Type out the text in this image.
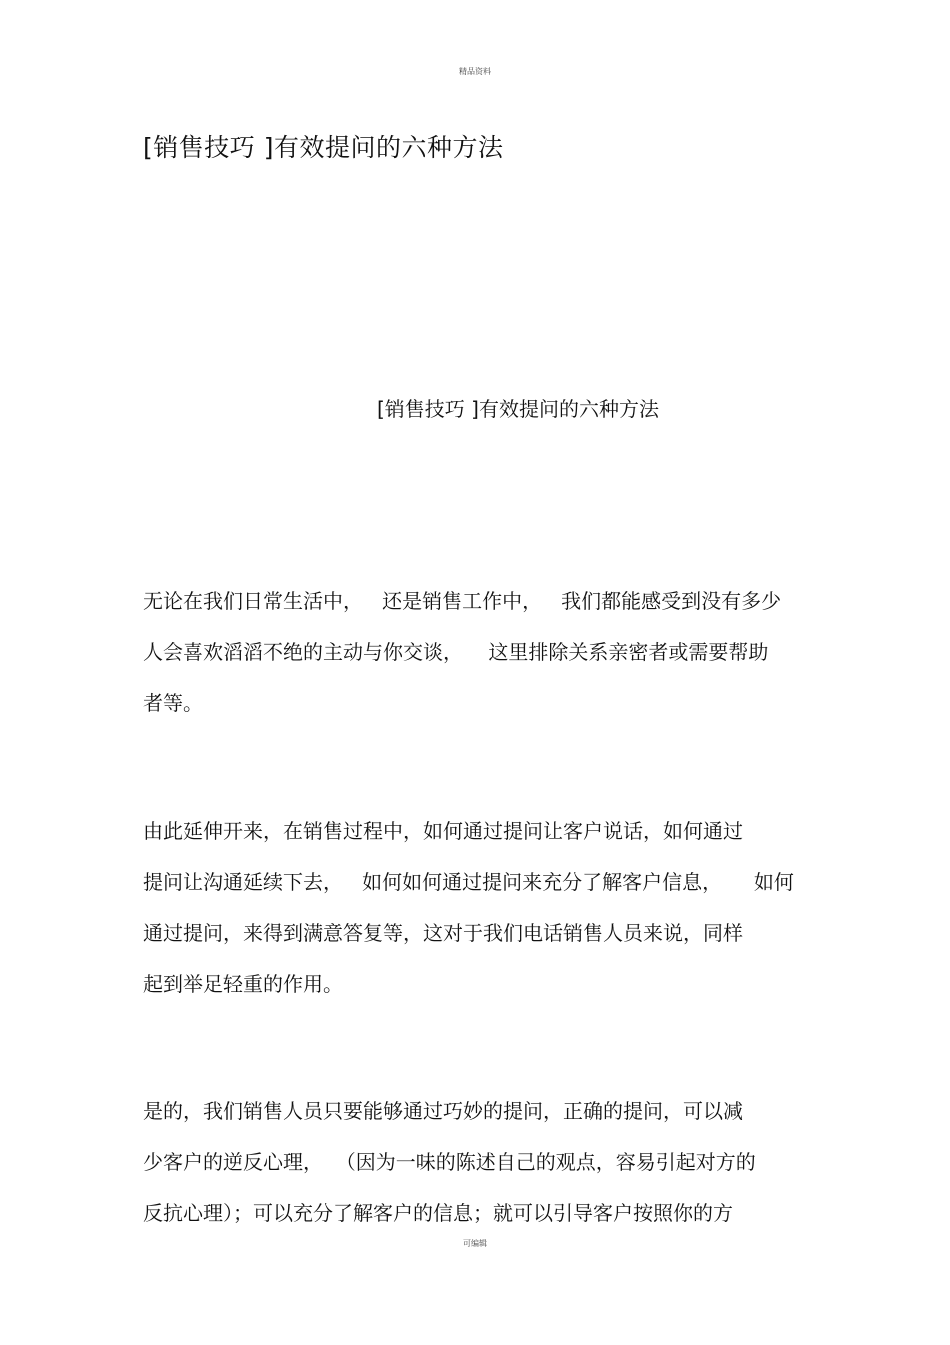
精品资料
[销售技巧 ]有效提问的六种方法
[销售技巧 ]有效提问的六种方法
无论在我们日常生活中，   还是销售工作中，   我们都能感受到没有多少
人会喜欢滔滔不绝的主动与你交谈，    这里排除关系亲密者或需要帮助
者等。
由此延伸开来，在销售过程中，如何通过提问让客户说话，如何通过
提问让沟通延续下去，   如何如何通过提问来充分了解客户信息，     如何
通过提问，来得到满意答复等，这对于我们电话销售人员来说，同样
起到举足轻重的作用。
是的，我们销售人员只要能够通过巧妙的提问，正确的提问，可以减
少客户的逆反心理，  （因为一味的陈述自己的观点，容易引起对方的
反抗心理）；可以充分了解客户的信息；就可以引导客户按照你的方
可编辑
